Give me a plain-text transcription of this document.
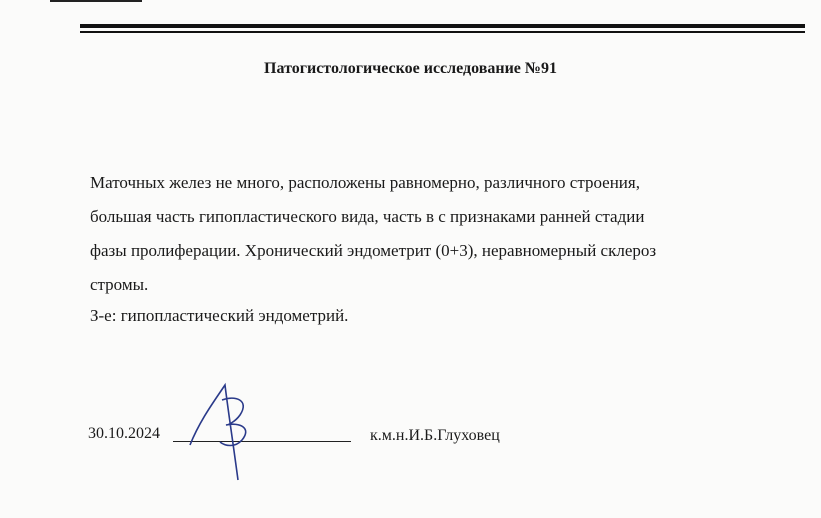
Патогистологическое исследование №91

Маточных желез не много, расположены равномерно, различного строения,

большая часть гипопластического вида, часть в с признаками ранней стадии

фазы пролиферации. Хронический эндометрит (0+3), неравномерный склероз

стромы.

З-е: гипопластический эндометрий.

30.10.2024	к.м.н.И.Б.Глуховец
